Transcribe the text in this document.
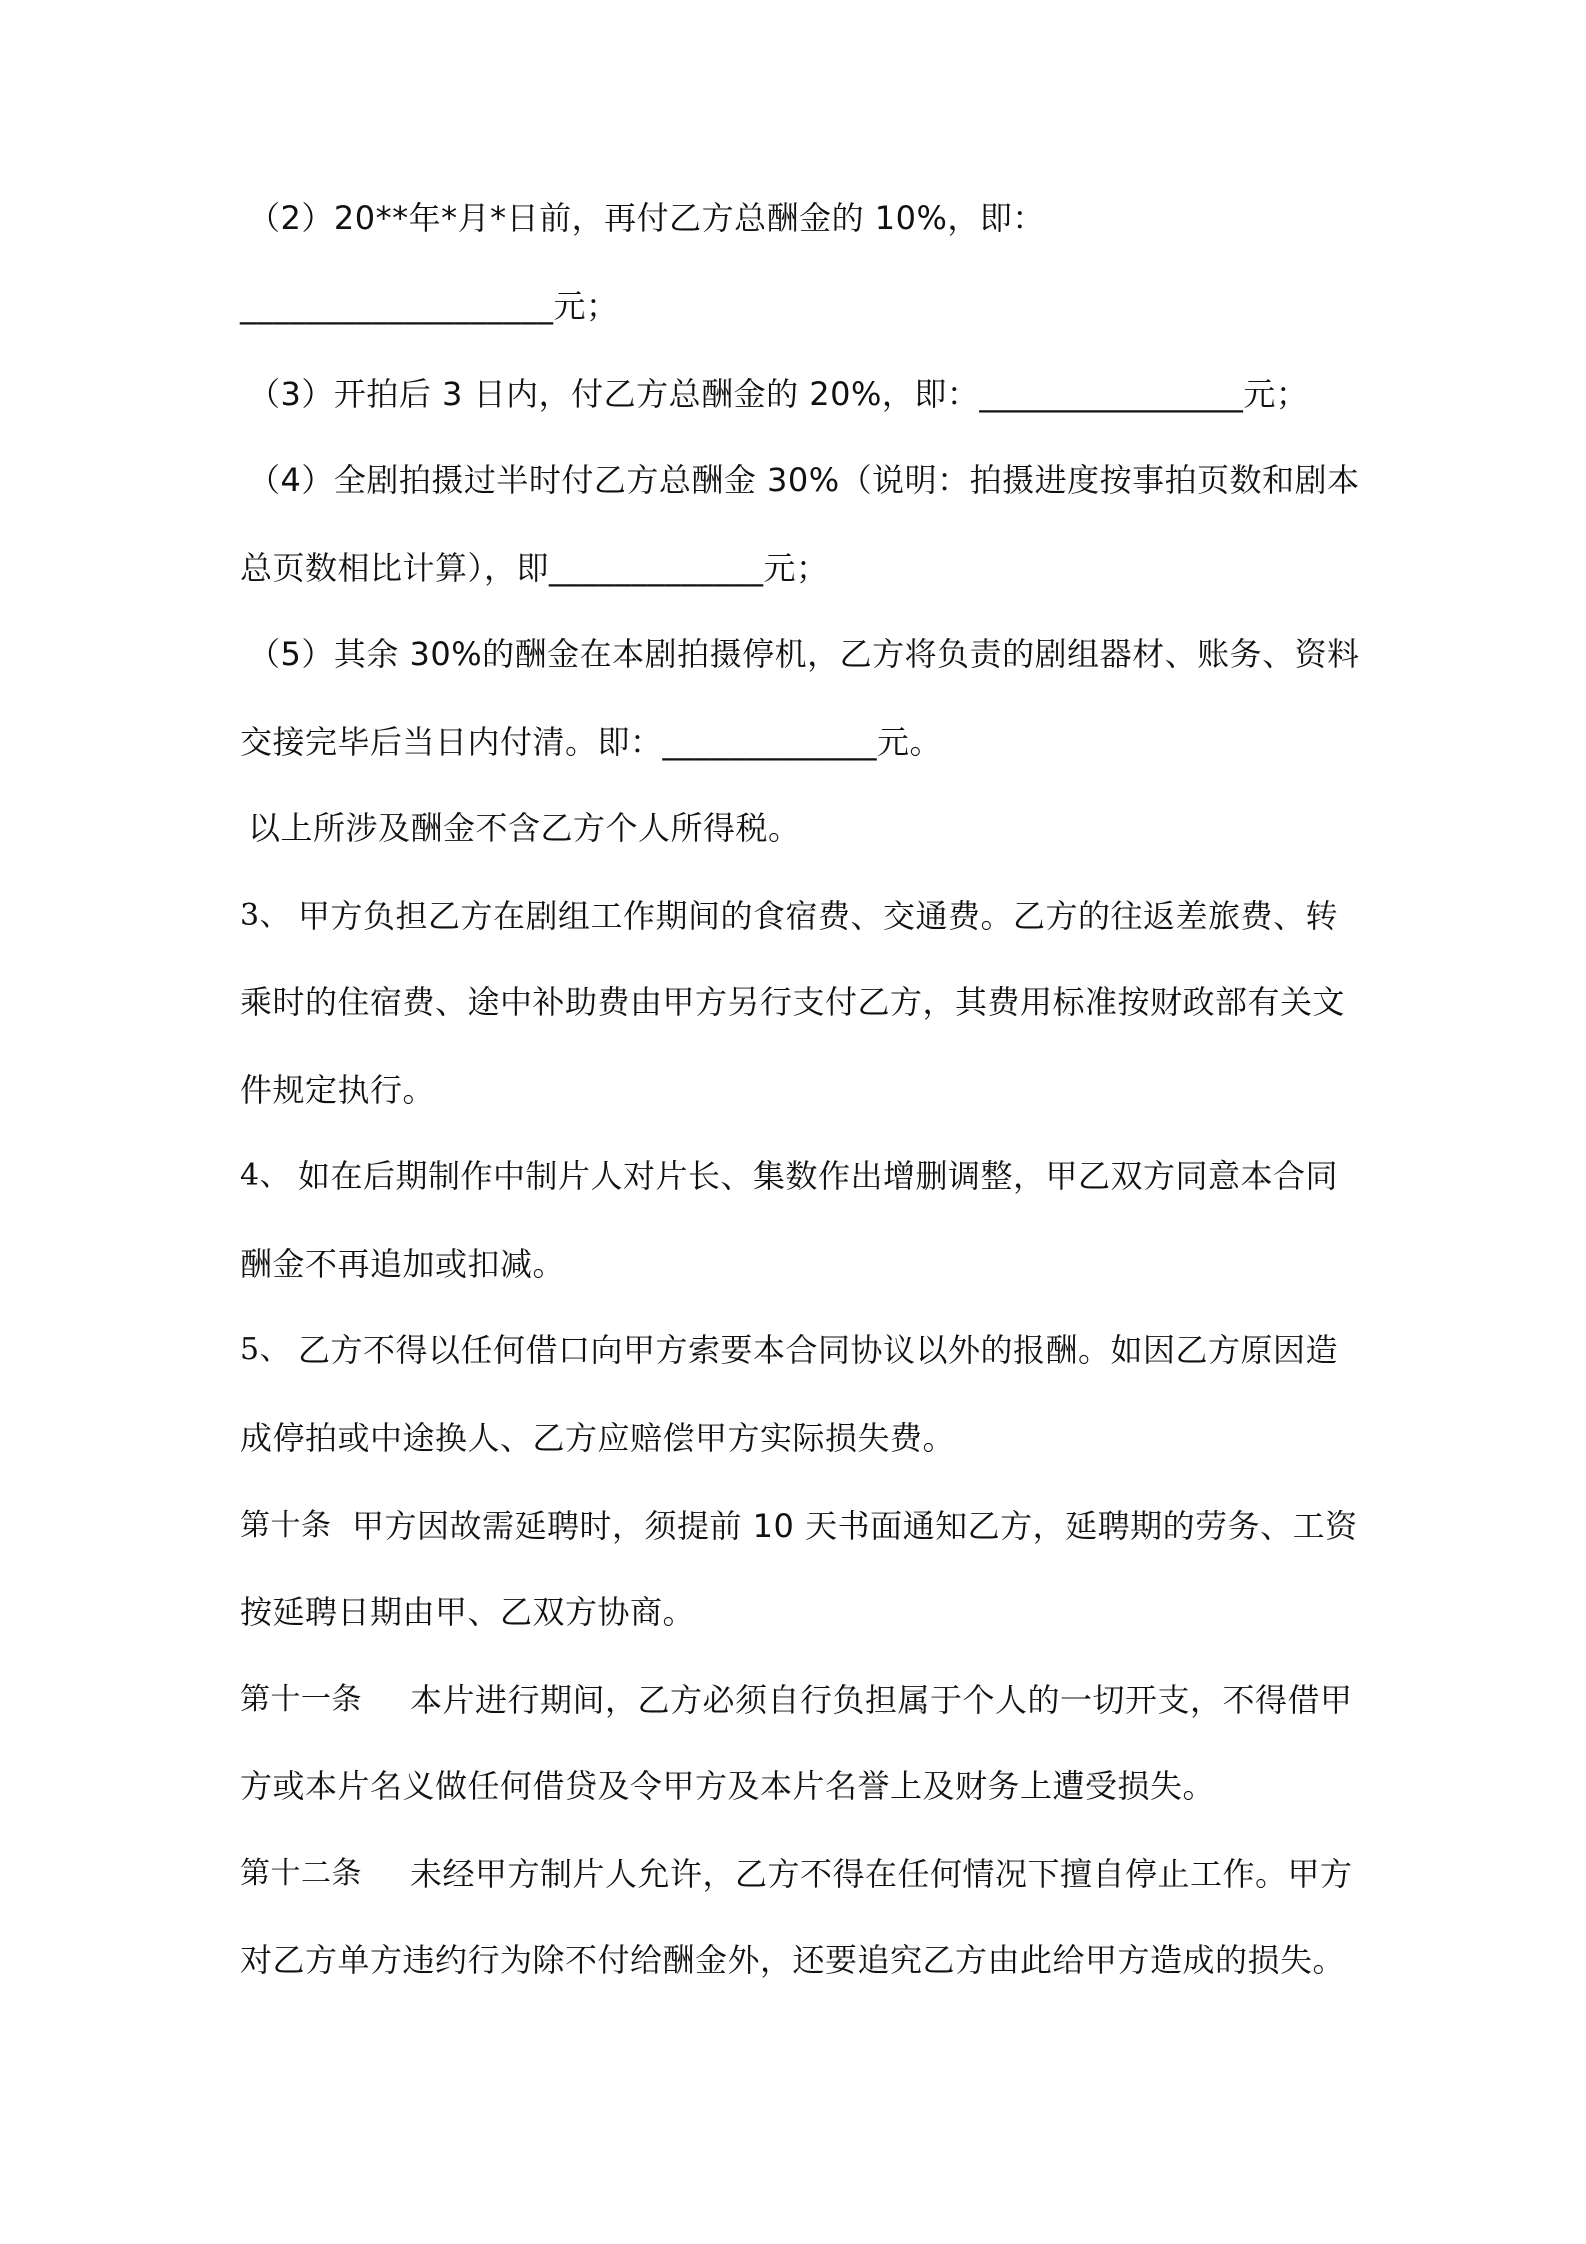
（2）20**年*月*日前，再付乙方总酬金的 10%，即：
___________________元；
（3）开拍后 3 日内，付乙方总酬金的 20%，即：________________元；
（4）全剧拍摄过半时付乙方总酬金 30%（说明：拍摄进度按事拍页数和剧本
总页数相比计算），即_____________元；
（5）其余 30%的酬金在本剧拍摄停机，乙方将负责的剧组器材、账务、资料
交接完毕后当日内付清。即：_____________元。
以上所涉及酬金不含乙方个人所得税。
3、 甲方负担乙方在剧组工作期间的食宿费、交通费。乙方的往返差旅费、转
乘时的住宿费、途中补助费由甲方另行支付乙方，其费用标准按财政部有关文
件规定执行。
4、 如在后期制作中制片人对片长、集数作出增删调整，甲乙双方同意本合同
酬金不再追加或扣减。
5、 乙方不得以任何借口向甲方索要本合同协议以外的报酬。如因乙方原因造
成停拍或中途换人、乙方应赔偿甲方实际损失费。
第十条 甲方因故需延聘时，须提前 10 天书面通知乙方，延聘期的劳务、工资
按延聘日期由甲、乙双方协商。
第十一条 本片进行期间，乙方必须自行负担属于个人的一切开支，不得借甲
方或本片名义做任何借贷及令甲方及本片名誉上及财务上遭受损失。
第十二条 未经甲方制片人允许，乙方不得在任何情况下擅自停止工作。甲方
对乙方单方违约行为除不付给酬金外，还要追究乙方由此给甲方造成的损失。
